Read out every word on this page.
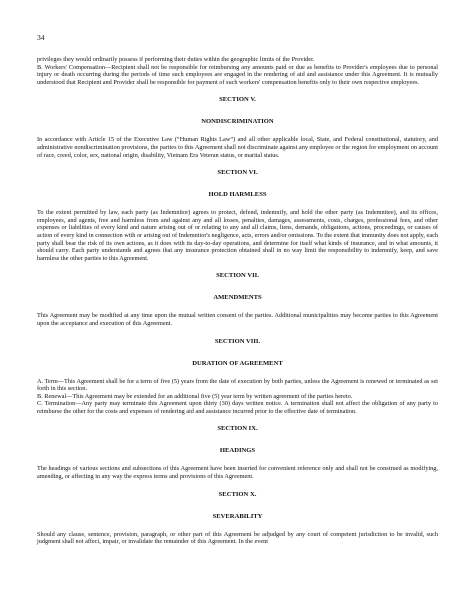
34

privileges they would ordinarily possess if performing their duties within the geographic limits of the Provider.

B. Workers' Compensation—Recipient shall not be responsible for reimbursing any amounts paid or due as benefits to Provider's employees due to personal injury or death occurring during the periods of time such employees are engaged in the rendering of aid and assistance under this Agreement. It is mutually understood that Recipient and Provider shall be responsible for payment of such workers' compensation benefits only to their own respective employees.

SECTION V.
NONDISCRIMINATION

In accordance with Article 15 of the Executive Law (“Human Rights Law”) and all other applicable local, State, and Federal constitutional, statutory, and administrative nondiscrimination provisions, the parties to this Agreement shall not discriminate against any employee or the region for employment on account of race, creed, color, sex, national origin, disability, Vietnam Era Veteran status, or marital status.

SECTION VI.
HOLD HARMLESS

To the extent permitted by law, each party (as Indemnitor) agrees to protect, defend, indemnify, and hold the other party (as Indemnitee), and its offices, employees, and agents, free and harmless from and against any and all losses, penalties, damages, assessments, costs, charges, professional fees, and other expenses or liabilities of every kind and nature arising out of or relating to any and all claims, liens, demands, obligations, actions, proceedings, or causes of action of every kind in connection with or arising out of Indemnitor's negligence, acts, errors and/or omissions. To the extent that immunity does not apply, each party shall bear the risk of its own actions, as it does with its day-to-day operations, and determine for itself what kinds of insurance, and in what amounts, it should carry. Each party understands and agrees that any insurance protection obtained shall in no way limit the responsibility to indemnify, keep, and save harmless the other parties to this Agreement.

SECTION VII.
AMENDMENTS

This Agreement may be modified at any time upon the mutual written consent of the parties. Additional municipalities may become parties to this Agreement upon the acceptance and execution of this Agreement.

SECTION VIII.
DURATION OF AGREEMENT

A. Term—This Agreement shall be for a term of five (5) years from the date of execution by both parties, unless the Agreement is renewed or terminated as set forth in this section.

B. Renewal—This Agreement may be extended for an additional five (5) year term by written agreement of the parties hereto.

C. Termination—Any party may terminate this Agreement upon thirty (30) days written notice. A termination shall not affect the obligation of any party to reimburse the other for the costs and expenses of rendering aid and assistance incurred prior to the effective date of termination.

SECTION IX.
HEADINGS

The headings of various sections and subsections of this Agreement have been inserted for convenient reference only and shall not be construed as modifying, amending, or affecting in any way the express terms and provisions of this Agreement.

SECTION X.
SEVERABILITY

Should any clause, sentence, provision, paragraph, or other part of this Agreement be adjudged by any court of competent jurisdiction to be invalid, such judgment shall not affect, impair, or invalidate the remainder of this Agreement. In the event
